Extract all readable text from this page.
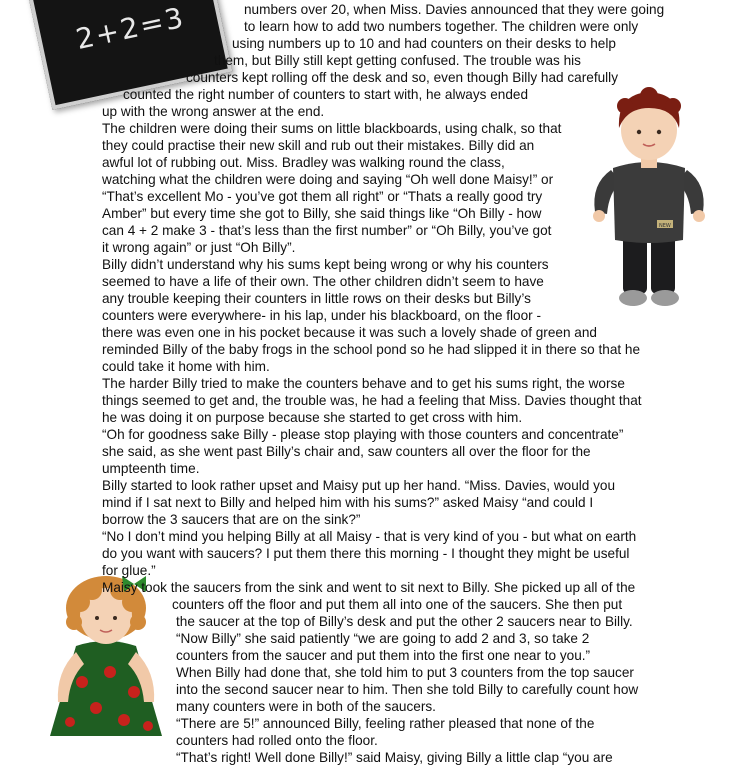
2+2=3
NEW
numbers over 20, when Miss. Davies announced that they were going
to learn how to add two numbers together. The children were only
using numbers up to 10 and had counters on their desks to help
them, but Billy still kept getting confused. The trouble was his
counters kept rolling off the desk and so, even though Billy had carefully
counted the right number of counters to start with, he always ended
up with the wrong answer at the end.
The children were doing their sums on little blackboards, using chalk, so that
they could practise their new skill and rub out their mistakes. Billy did an
awful lot of rubbing out. Miss. Bradley was walking round the class,
watching what the children were doing and saying “Oh well done Maisy!” or
“That’s excellent Mo - you’ve got them all right” or “Thats a really good try
Amber” but every time she got to Billy, she said things like “Oh Billy - how
can 4 + 2 make 3 - that’s less than the first number” or “Oh Billy, you’ve got
it wrong again” or just “Oh Billy”.
Billy didn’t understand why his sums kept being wrong or why his counters
seemed to have a life of their own. The other children didn’t seem to have
any trouble keeping their counters in little rows on their desks but Billy’s
counters were everywhere- in his lap, under his blackboard, on the floor -
there was even one in his pocket because it was such a lovely shade of green and
reminded Billy of the baby frogs in the school pond so he had slipped it in there so that he
could take it home with him.
The harder Billy tried to make the counters behave and to get his sums right, the worse
things seemed to get and, the trouble was, he had a feeling that Miss. Davies thought that
he was doing it on purpose because she started to get cross with him.
“Oh for goodness sake Billy - please stop playing with those counters and concentrate”
she said, as she went past Billy’s chair and, saw counters all over the floor for the
umpteenth time.
Billy started to look rather upset and Maisy put up her hand. “Miss. Davies, would you
mind if I sat next to Billy and helped him with his sums?” asked Maisy “and could I
borrow the 3 saucers that are on the sink?”
“No I don’t mind you helping Billy at all Maisy - that is very kind of you - but what on earth
do you want with saucers? I put them there this morning - I thought they might be useful
for glue.”
Maisy took the saucers from the sink and went to sit next to Billy. She picked up all of the
counters off the floor and put them all into one of the saucers. She then put
the saucer at the top of Billy’s desk and put the other 2 saucers near to Billy.
“Now Billy” she said patiently “we are going to add 2 and 3, so take 2
counters from the saucer and put them into the first one near to you.”
When Billy had done that, she told him to put 3 counters from the top saucer
into the second saucer near to him. Then she told Billy to carefully count how
many counters were in both of the saucers.
“There are 5!” announced Billy, feeling rather pleased that none of the
counters had rolled onto the floor.
“That’s right! Well done Billy!” said Maisy, giving Billy a little clap “you are
